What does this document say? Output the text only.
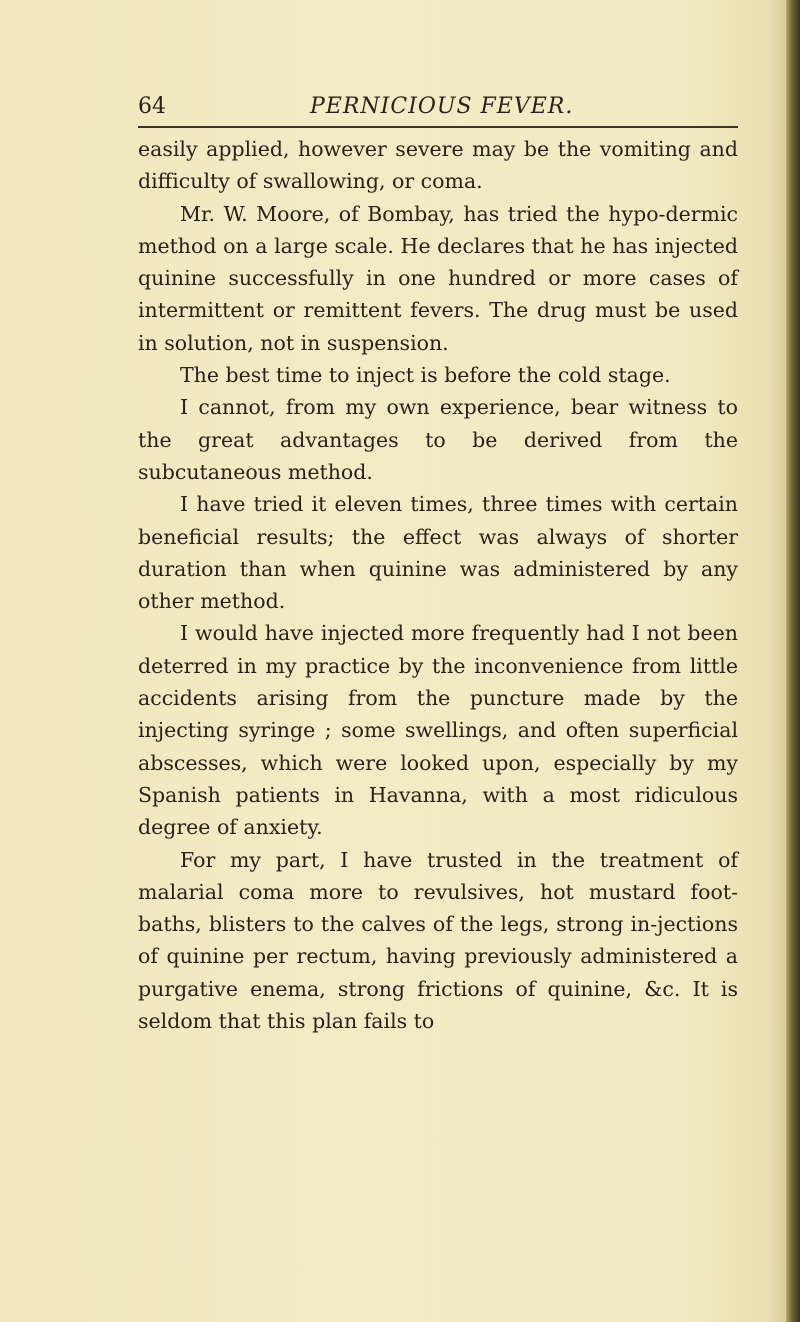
64	PERNICIOUS FEVER.

easily applied, however severe may be the vomiting and difficulty of swallowing, or coma.

Mr. W. Moore, of Bombay, has tried the hypo-dermic method on a large scale. He declares that he has injected quinine successfully in one hundred or more cases of intermittent or remittent fevers. The drug must be used in solution, not in suspension.

The best time to inject is before the cold stage.

I cannot, from my own experience, bear witness to the great advantages to be derived from the subcutaneous method.

I have tried it eleven times, three times with certain beneficial results; the effect was always of shorter duration than when quinine was administered by any other method.

I would have injected more frequently had I not been deterred in my practice by the inconvenience from little accidents arising from the puncture made by the injecting syringe ; some swellings, and often superficial abscesses, which were looked upon, especially by my Spanish patients in Havanna, with a most ridiculous degree of anxiety.

For my part, I have trusted in the treatment of malarial coma more to revulsives, hot mustard foot-baths, blisters to the calves of the legs, strong in-jections of quinine per rectum, having previously administered a purgative enema, strong frictions of quinine, &c. It is seldom that this plan fails to
